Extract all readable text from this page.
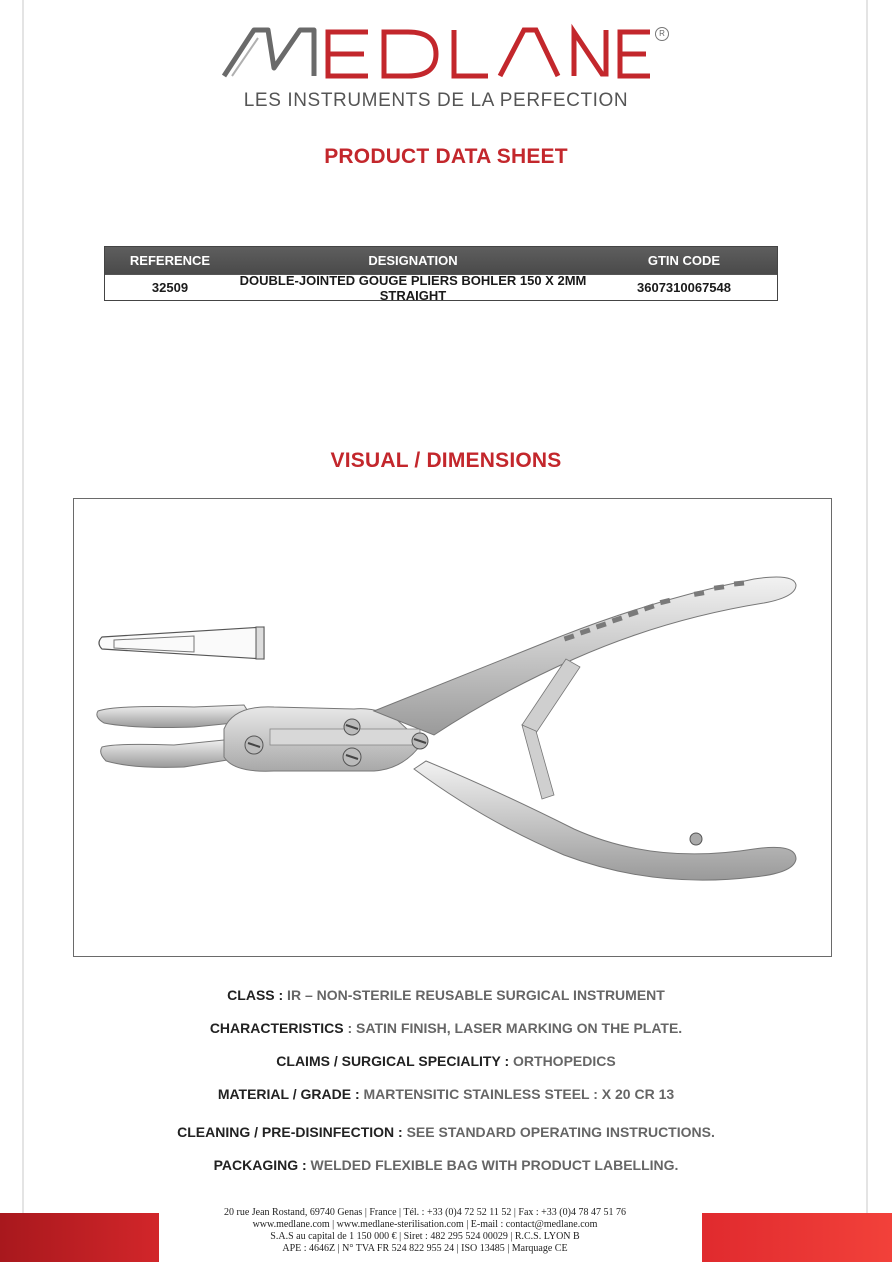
R
LES INSTRUMENTS DE LA PERFECTION
PRODUCT DATA SHEET
REFERENCE	DESIGNATION	GTIN CODE
32509	DOUBLE-JOINTED GOUGE PLIERS BOHLER 150 X 2MM STRAIGHT	3607310067548
VISUAL / DIMENSIONS
CLASS : IR – NON-STERILE REUSABLE SURGICAL INSTRUMENT
CHARACTERISTICS : SATIN FINISH, LASER MARKING ON THE PLATE.
CLAIMS / SURGICAL SPECIALITY : ORTHOPEDICS
MATERIAL / GRADE : MARTENSITIC STAINLESS STEEL : X 20 CR 13
CLEANING / PRE-DISINFECTION : SEE STANDARD OPERATING INSTRUCTIONS.
PACKAGING : WELDED FLEXIBLE BAG WITH PRODUCT LABELLING.
20 rue Jean Rostand, 69740 Genas | France | Tél. : +33 (0)4 72 52 11 52 | Fax : +33 (0)4 78 47 51 76
www.medlane.com | www.medlane-sterilisation.com | E-mail : contact@medlane.com
S.A.S au capital de 1 150 000 € | Siret : 482 295 524 00029 | R.C.S. LYON B
APE : 4646Z | N° TVA FR 524 822 955 24 | ISO 13485 | Marquage CE
